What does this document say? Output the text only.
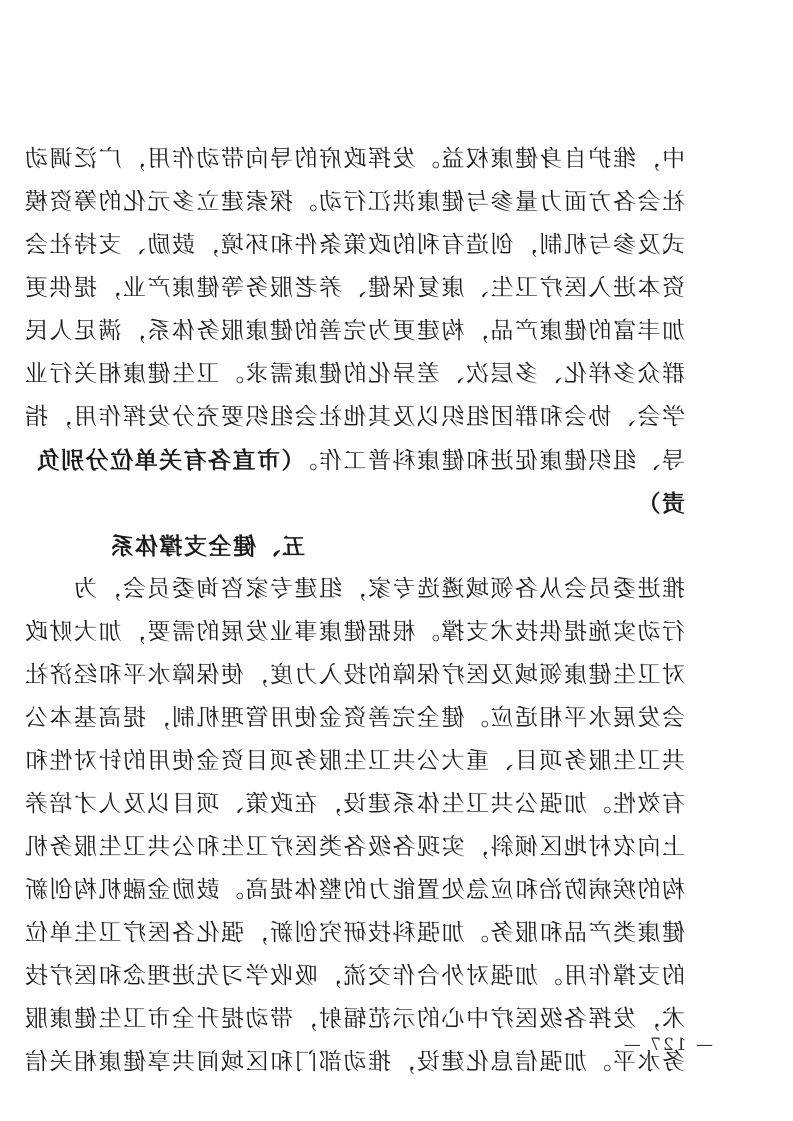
中，维护自身健康权益。发挥政府的导向带动作用，广泛调动
社会各方面力量参与健康洪江行动。探索建立多元化的筹资模
式及参与机制，创造有利的政策条件和环境，鼓励、支持社会
资本进入医疗卫生、康复保健、养老服务等健康产业，提供更
加丰富的健康产品，构建更为完善的健康服务体系，满足人民
群众多样化、多层次、差异化的健康需求。卫生健康相关行业
学会、协会和群团组织以及其他社会组织要充分发挥作用，指
导、组织健康促进和健康科普工作。（市直各有关单位分别负
责）
五、健全支撑体系
推进委员会从各领域遴选专家，组建专家咨询委员会，为
行动实施提供技术支撑。根据健康事业发展的需要，加大财政
对卫生健康领域及医疗保障的投入力度，使保障水平和经济社
会发展水平相适应。健全完善资金使用管理机制，提高基本公
共卫生服务项目、重大公共卫生服务项目资金使用的针对性和
有效性。加强公共卫生体系建设，在政策、项目以及人才培养
上向农村地区倾斜，实现各级各类医疗卫生和公共卫生服务机
构的疾病防治和应急处置能力的整体提高。鼓励金融机构创新
健康类产品和服务。加强科技研究创新，强化各医疗卫生单位
的支撑作用。加强对外合作交流，吸收学习先进理念和医疗技
术，发挥各级医疗中心的示范辐射，带动提升全市卫生健康服
务水平。加强信息化建设，推动部门和区域间共享健康相关信
— 127 —
